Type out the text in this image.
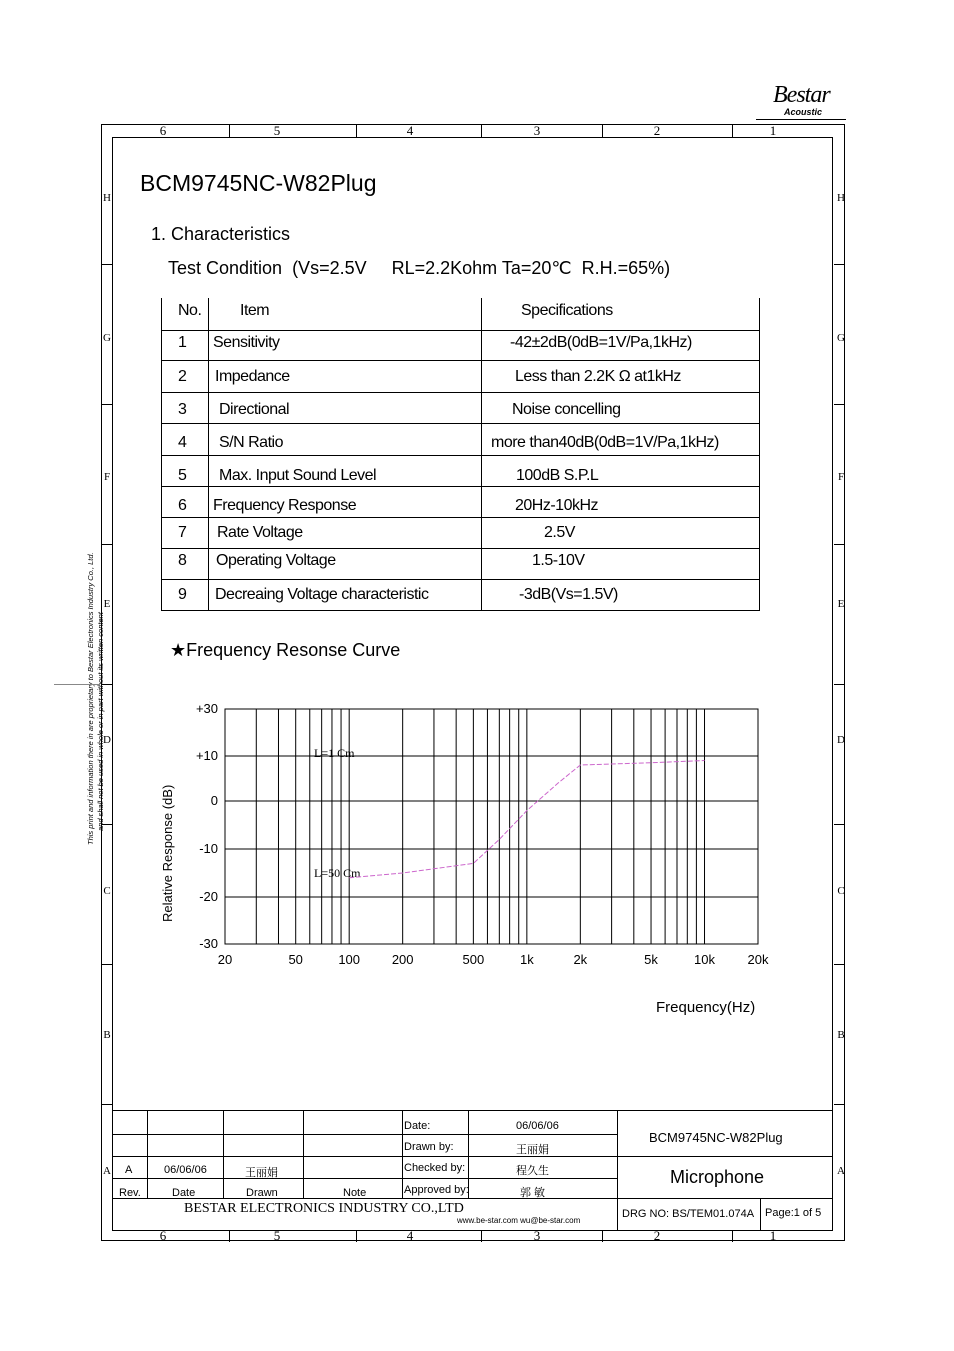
Bestar
Acoustic
6	5	4	3	2	1
6	5	4	3	2	1
H
G
F
E
D
C
B
A
H
G
F
E
D
C
B
A
This print and information there in are proprietary to Bestar Electronics Industry Co., Ltd. and shall not be used in whole or in part without its written content
BCM9745NC-W82Plug
1. Characteristics
Test Condition  (Vs=2.5V     RL=2.2Kohm Ta=20℃  R.H.=65%)
No. Item	Specifications
1 Sensitivity	-42±2dB(0dB=1V/Pa,1kHz)
2 Impedance	Less than 2.2K Ω at1kHz
3 Directional	Noise concelling
4 S/N Ratio	more than40dB(0dB=1V/Pa,1kHz)
5 Max. Input Sound Level	100dB S.P.L
6 Frequency Response	20Hz-10kHz
7 Rate Voltage	2.5V
8 Operating Voltage	1.5-10V
9 Decreaing Voltage characteristic	-3dB(Vs=1.5V)
★Frequency Resonse Curve
+30
+10
0
-10
-20
-30
20	50	100 200	500	1k	2k	5k	10k	20k
L=1 Cm
L=50 Cm
Frequency(Hz)
Relative Response (dB)
Date:	06/06/06
Drawn by:	王丽娟
Checked by:	程久生
Approved by:	郭 敏
A	06/06/06	王丽娟
Rev.	Date	Drawn	Note
BCM9745NC-W82Plug
Microphone
BESTAR ELECTRONICS INDUSTRY CO.,LTD
www.be-star.com wu@be-star.com
DRG NO: BS/TEM01.074A Page:1 of 5
